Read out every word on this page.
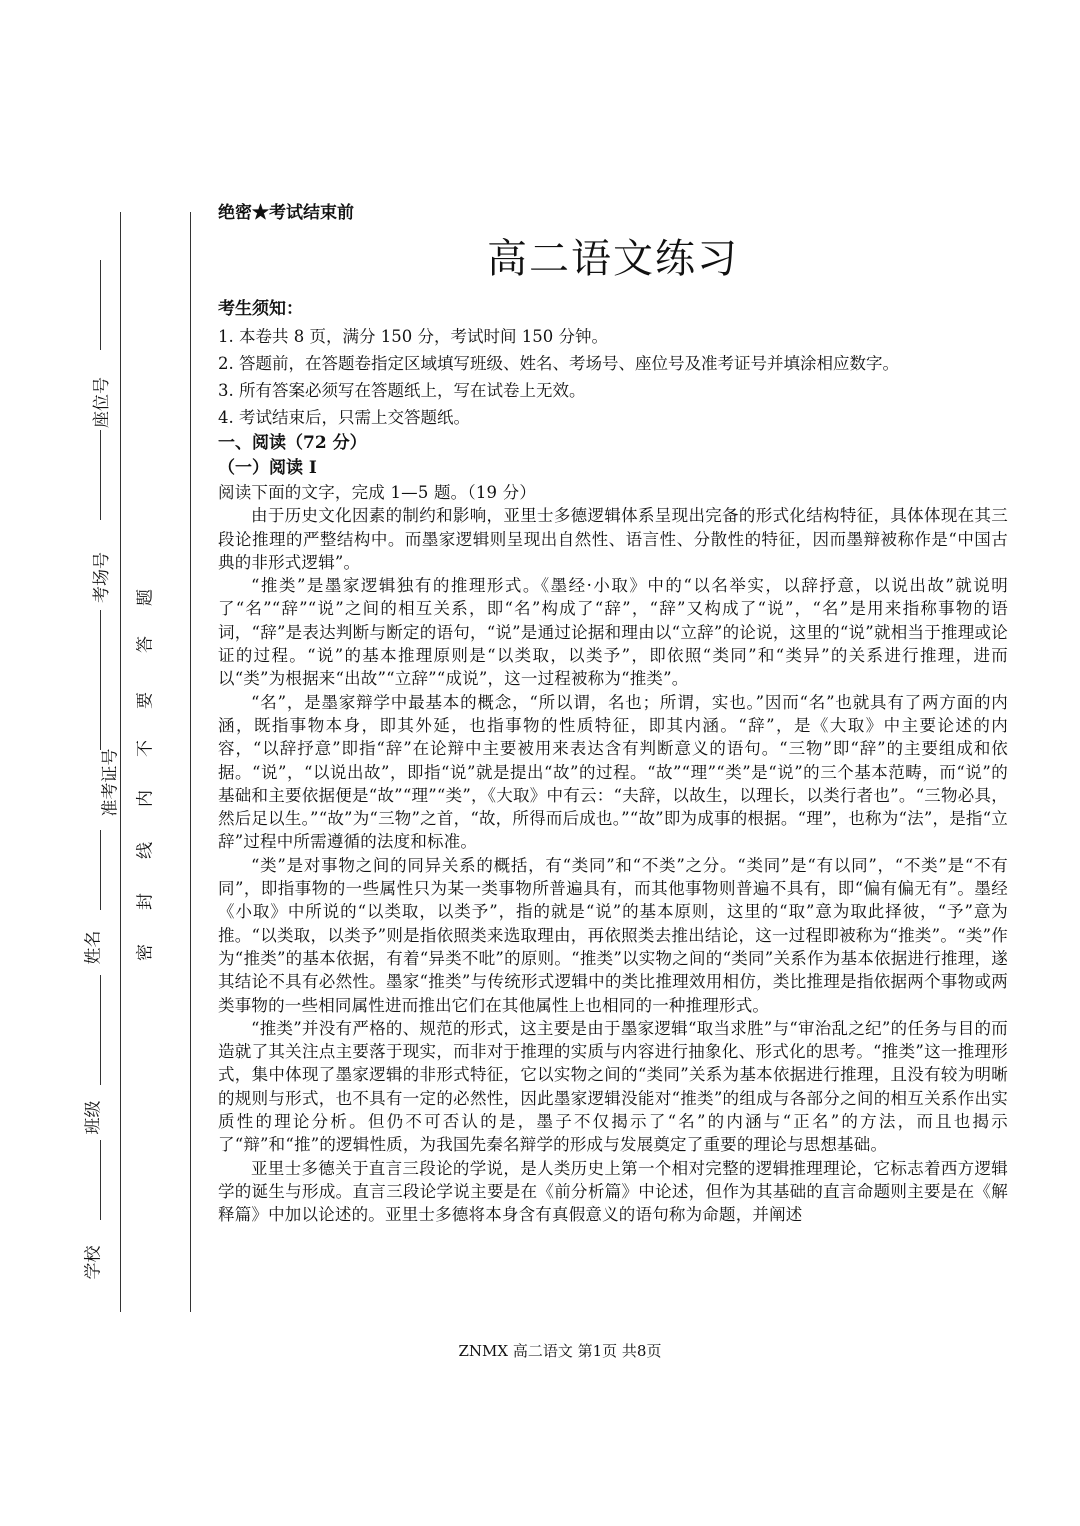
座位号
考场号
准考证号
姓名
班级
学校
题
答
要
不
内
线
封
密
绝密★考试结束前
高二语文练习

考生须知：

1. 本卷共 8 页，满分 150 分，考试时间 150 分钟。

2. 答题前，在答题卷指定区域填写班级、姓名、考场号、座位号及准考证号并填涂相应数字。

3. 所有答案必须写在答题纸上，写在试卷上无效。

4. 考试结束后，只需上交答题纸。

一、阅读（72 分）

（一）阅读 I

阅读下面的文字，完成 1—5 题。（19 分）

由于历史文化因素的制约和影响，亚里士多德逻辑体系呈现出完备的形式化结构特征，具体体现在其三段论推理的严整结构中。而墨家逻辑则呈现出自然性、语言性、分散性的特征，因而墨辩被称作是“中国古典的非形式逻辑”。

“推类”是墨家逻辑独有的推理形式。《墨经·小取》中的“以名举实，以辞抒意，以说出故”就说明了“名”“辞”“说”之间的相互关系，即“名”构成了“辞”，“辞”又构成了“说”，“名”是用来指称事物的语词，“辞”是表达判断与断定的语句，“说”是通过论据和理由以“立辞”的论说，这里的“说”就相当于推理或论证的过程。“说”的基本推理原则是“以类取，以类予”，即依照“类同”和“类异”的关系进行推理，进而以“类”为根据来“出故”“立辞”“成说”，这一过程被称为“推类”。

“名”，是墨家辩学中最基本的概念，“所以谓，名也；所谓，实也。”因而“名”也就具有了两方面的内涵，既指事物本身，即其外延，也指事物的性质特征，即其内涵。“辞”，是《大取》中主要论述的内容，“以辞抒意”即指“辞”在论辩中主要被用来表达含有判断意义的语句。“三物”即“辞”的主要组成和依据。“说”，“以说出故”，即指“说”就是提出“故”的过程。“故”“理”“类”是“说”的三个基本范畴，而“说”的基础和主要依据便是“故”“理”“类”，《大取》中有云：“夫辞，以故生，以理长，以类行者也”。“三物必具，然后足以生。”“故”为“三物”之首，“故，所得而后成也。”“故”即为成事的根据。“理”，也称为“法”，是指“立辞”过程中所需遵循的法度和标准。

“类”是对事物之间的同异关系的概括，有“类同”和“不类”之分。“类同”是“有以同”，“不类”是“不有同”，即指事物的一些属性只为某一类事物所普遍具有，而其他事物则普遍不具有，即“偏有偏无有”。墨经《小取》中所说的“以类取，以类予”，指的就是“说”的基本原则，这里的“取”意为取此择彼，“予”意为推。“以类取，以类予”则是指依照类来选取理由，再依照类去推出结论，这一过程即被称为“推类”。“类”作为“推类”的基本依据，有着“异类不吡”的原则。“推类”以实物之间的“类同”关系作为基本依据进行推理，遂其结论不具有必然性。墨家“推类”与传统形式逻辑中的类比推理效用相仿，类比推理是指依据两个事物或两类事物的一些相同属性进而推出它们在其他属性上也相同的一种推理形式。

“推类”并没有严格的、规范的形式，这主要是由于墨家逻辑“取当求胜”与“审治乱之纪”的任务与目的而造就了其关注点主要落于现实，而非对于推理的实质与内容进行抽象化、形式化的思考。“推类”这一推理形式，集中体现了墨家逻辑的非形式特征，它以实物之间的“类同”关系为基本依据进行推理，且没有较为明晰的规则与形式，也不具有一定的必然性，因此墨家逻辑没能对“推类”的组成与各部分之间的相互关系作出实质性的理论分析。但仍不可否认的是，墨子不仅揭示了“名”的内涵与“正名”的方法，而且也揭示了“辩”和“推”的逻辑性质，为我国先秦名辩学的形成与发展奠定了重要的理论与思想基础。

亚里士多德关于直言三段论的学说，是人类历史上第一个相对完整的逻辑推理理论，它标志着西方逻辑学的诞生与形成。直言三段论学说主要是在《前分析篇》中论述，但作为其基础的直言命题则主要是在《解释篇》中加以论述的。亚里士多德将本身含有真假意义的语句称为命题，并阐述

ZNMX 高二语文 第1页 共8页
